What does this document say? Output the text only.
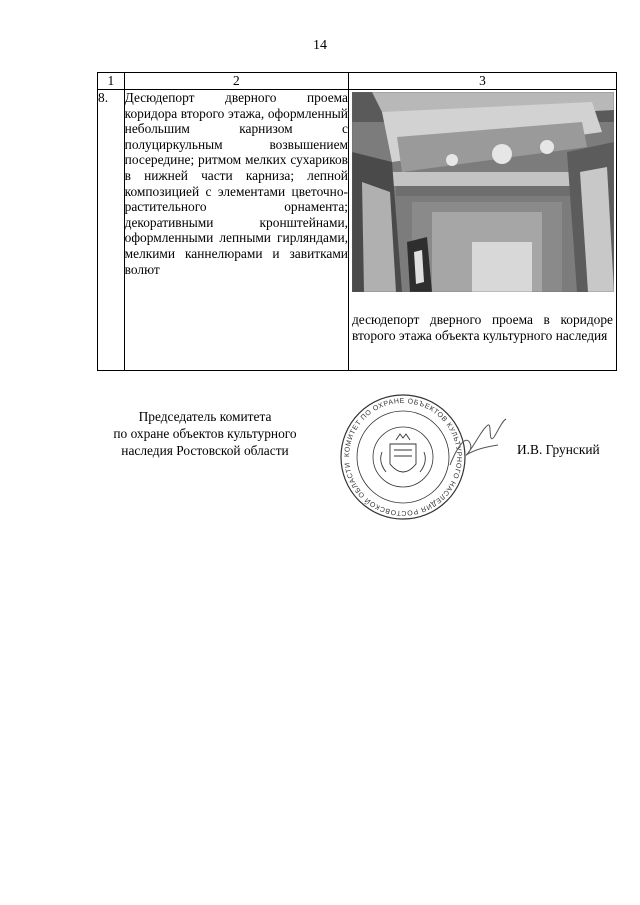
14
1	2	3
8.	Десюдепорт дверного проема коридора второго этажа, оформленный небольшим карнизом с полуциркульным возвышением посередине; ритмом мелких сухариков в нижней части карниза; лепной композицией с элементами цветочно-растительного орнамента; декоративными кронштейнами, оформленными лепными гирляндами, мелкими каннелюрами и завитками волют	десюдепорт дверного проема в коридоре второго этажа объекта культурного наследия
Председатель комитета
по охране объектов культурного
наследия Ростовской области	КОМИТЕТ ПО ОХРАНЕ ОБЪЕКТОВ КУЛЬТУРНОГО НАСЛЕДИЯ РОСТОВСКОЙ ОБЛАСТИ
И.В. Грунский
